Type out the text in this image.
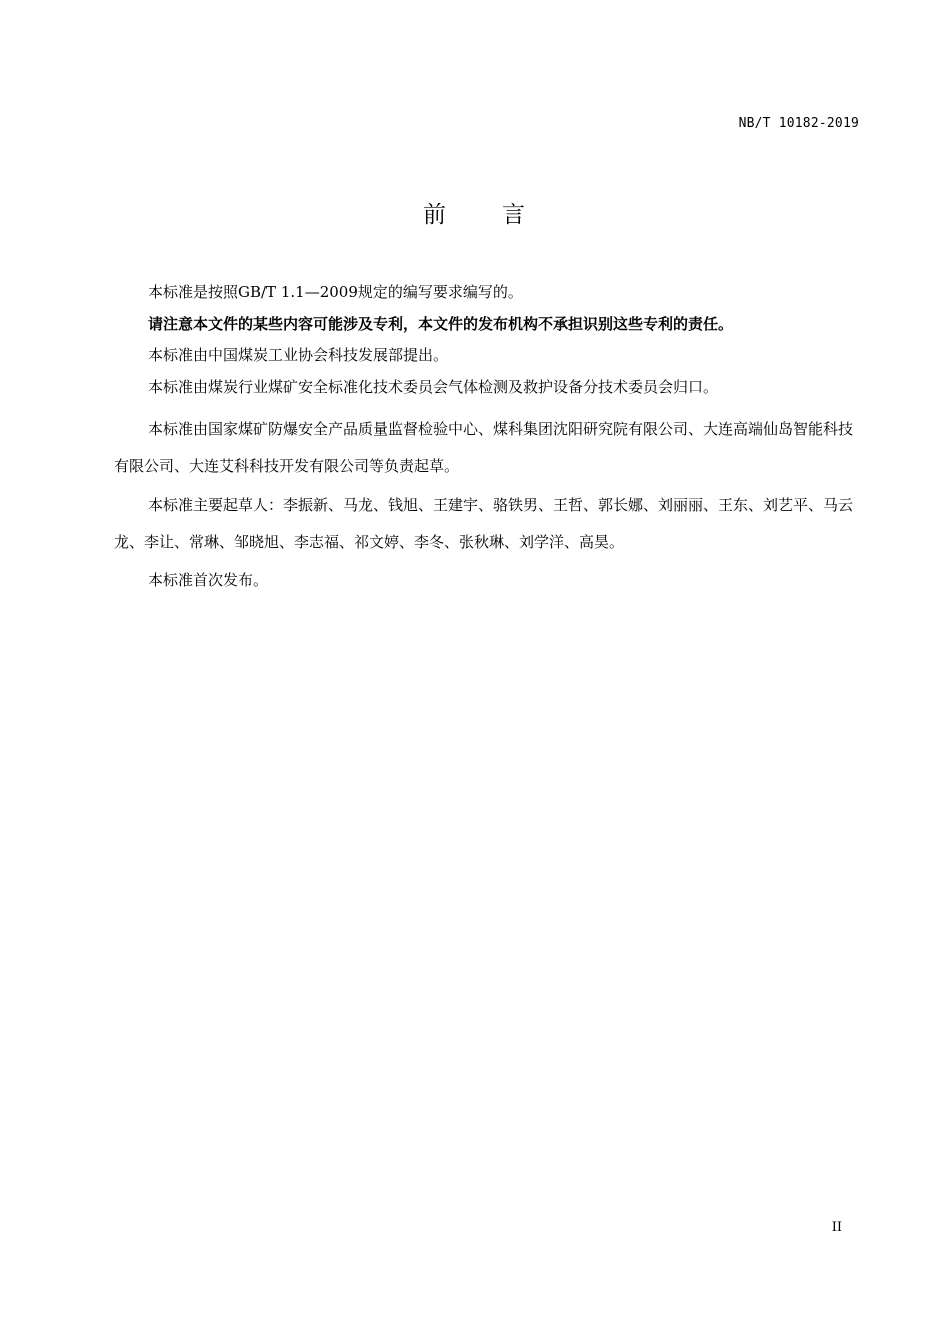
NB/T 10182-2019
前 言

本标准是按照GB/T 1.1—2009规定的编写要求编写的。

请注意本文件的某些内容可能涉及专利，本文件的发布机构不承担识别这些专利的责任。

本标准由中国煤炭工业协会科技发展部提出。

本标准由煤炭行业煤矿安全标准化技术委员会气体检测及救护设备分技术委员会归口。

本标准由国家煤矿防爆安全产品质量监督检验中心、煤科集团沈阳研究院有限公司、大连高端仙岛智能科技有限公司、大连艾科科技开发有限公司等负责起草。

本标准主要起草人：李振新、马龙、钱旭、王建宇、骆铁男、王哲、郭长娜、刘丽丽、王东、刘艺平、马云龙、李让、常琳、邹晓旭、李志福、祁文婷、李冬、张秋琳、刘学洋、高昊。

本标准首次发布。

II
